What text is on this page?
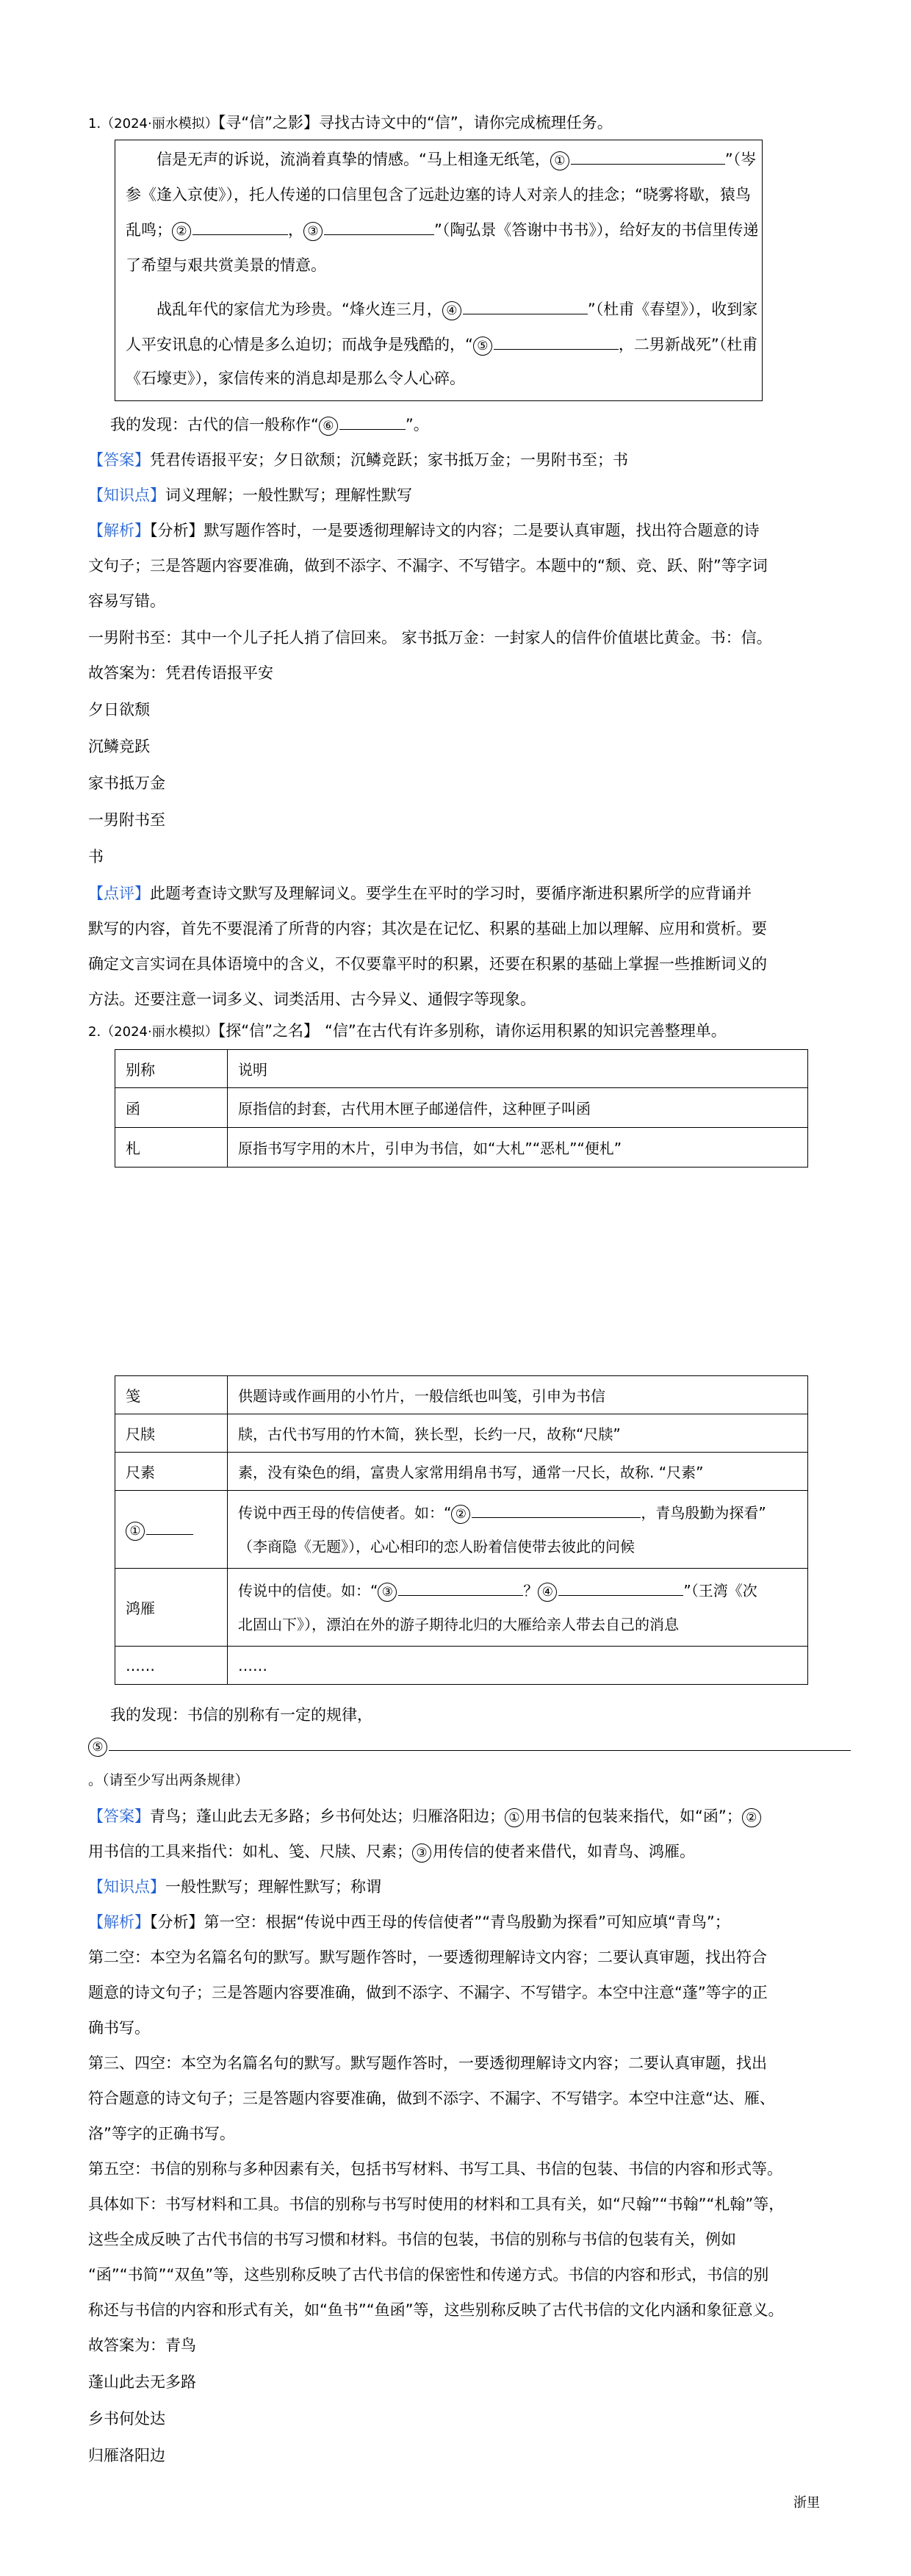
1.（2024·丽水模拟）【寻“信”之影】寻找古诗文中的“信”，请你完成梳理任务。
信是无声的诉说，流淌着真挚的情感。“马上相逢无纸笔， ①	”（岑
参《逢入京使》），托人传递的口信里包含了远赴边塞的诗人对亲人的挂念；“晓雾将歇，猿鸟
乱鸣； ②	， ③	”（陶弘景《答谢中书书》），给好友的书信里传递
了希望与艰共赏美景的情意。
战乱年代的家信尤为珍贵。“烽火连三月， ④	”（杜甫《春望》），收到家
人平安讯息的心情是多么迫切；而战争是残酷的，“ ⑤	，二男新战死”（杜甫
《石壕吏》），家信传来的消息却是那么令人心碎。
我的发现：古代的信一般称作“ ⑥	”。
【答案】凭君传语报平安；夕日欲颓；沉鳞竞跃；家书抵万金；一男附书至；书
【知识点】词义理解；一般性默写；理解性默写
【解析】【分析】默写题作答时，一是要透彻理解诗文的内容；二是要认真审题，找出符合题意的诗
文句子；三是答题内容要准确，做到不添字、不漏字、不写错字。本题中的“颓、竞、跃、附”等字词
容易写错。
一男附书至：其中一个儿子托人捎了信回来。 家书抵万金：一封家人的信件价值堪比黄金。书：信。
故答案为：凭君传语报平安
夕日欲颓
沉鳞竞跃
家书抵万金
一男附书至
书
【点评】此题考查诗文默写及理解词义。要学生在平时的学习时，要循序渐进积累所学的应背诵并
默写的内容，首先不要混淆了所背的内容；其次是在记忆、积累的基础上加以理解、应用和赏析。要
确定文言实词在具体语境中的含义，不仅要靠平时的积累，还要在积累的基础上掌握一些推断词义的
方法。还要注意一词多义、词类活用、古今异义、通假字等现象。
2.（2024·丽水模拟）【探“信”之名】 “信”在古代有许多别称，请你运用积累的知识完善整理单。
别称	说明
函	原指信的封套，古代用木匣子邮递信件，这种匣子叫函
札	原指书写字用的木片，引申为书信，如“大札”“恶札”“便札”
笺	供题诗或作画用的小竹片，一般信纸也叫笺，引申为书信
尺牍	牍，古代书写用的竹木简，狭长型，长约一尺，故称“尺牍”
尺素	素，没有染色的绢，富贵人家常用绢帛书写，通常一尺长，故称. “尺素”
①	传说中西王母的传信使者。如：“ ② ，青鸟殷勤为探看”
（李商隐《无题》），心心相印的恋人盼着信使带去彼此的问候

鸿雁	传说中的信使。如：“ ③ ？ ④ ”（王湾《次
北固山下》），漂泊在外的游子期待北归的大雁给亲人带去自己的消息

……	……
我的发现：书信的别称有一定的规律，
⑤
。（请至少写出两条规律）
【答案】青鸟；蓬山此去无多路；乡书何处达；归雁洛阳边； ① 用书信的包装来指代，如“函”； ②
用书信的工具来指代：如札、笺、尺牍、尺素； ③ 用传信的使者来借代，如青鸟、鸿雁。
【知识点】一般性默写；理解性默写；称谓
【解析】【分析】第一空：根据“传说中西王母的传信使者”“青鸟殷勤为探看”可知应填“青鸟”；
第二空：本空为名篇名句的默写。默写题作答时，一要透彻理解诗文内容；二要认真审题，找出符合
题意的诗文句子；三是答题内容要准确，做到不添字、不漏字、不写错字。本空中注意“蓬”等字的正
确书写。
第三、四空：本空为名篇名句的默写。默写题作答时，一要透彻理解诗文内容；二要认真审题，找出
符合题意的诗文句子；三是答题内容要准确，做到不添字、不漏字、不写错字。本空中注意“达、雁、
洛”等字的正确书写。
第五空：书信的别称与多种因素有关，包括书写材料、书写工具、书信的包装、书信的内容和形式等。
具体如下：书写材料和工具。书信的别称与书写时使用的材料和工具有关，如“尺翰”“书翰”“札翰”等，
这些全成反映了古代书信的书写习惯和材料。书信的包装，书信的别称与书信的包装有关，例如
“函”“书简”“双鱼”等，这些别称反映了古代书信的保密性和传递方式。书信的内容和形式，书信的别
称还与书信的内容和形式有关，如“鱼书”“鱼函”等，这些别称反映了古代书信的文化内涵和象征意义。
故答案为：青鸟
蓬山此去无多路
乡书何处达
归雁洛阳边
浙里
